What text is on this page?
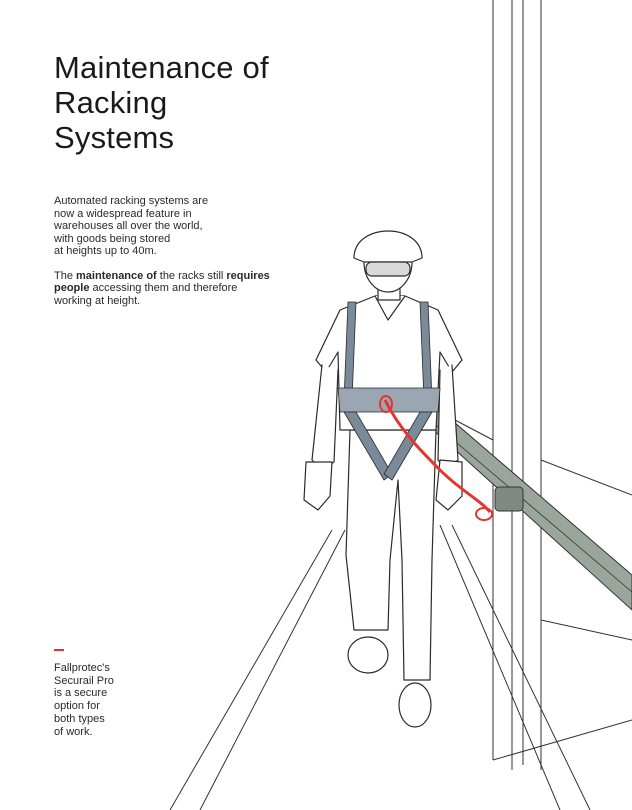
Maintenance of
Racking
Systems

Automated racking systems are
now a widespread feature in
warehouses all over the world,
with goods being stored
at heights up to 40m.

The maintenance of the racks still requires
people accessing them and therefore
working at height.

Fallprotec's
Securail Pro
is a secure
option for
both types
of work.
